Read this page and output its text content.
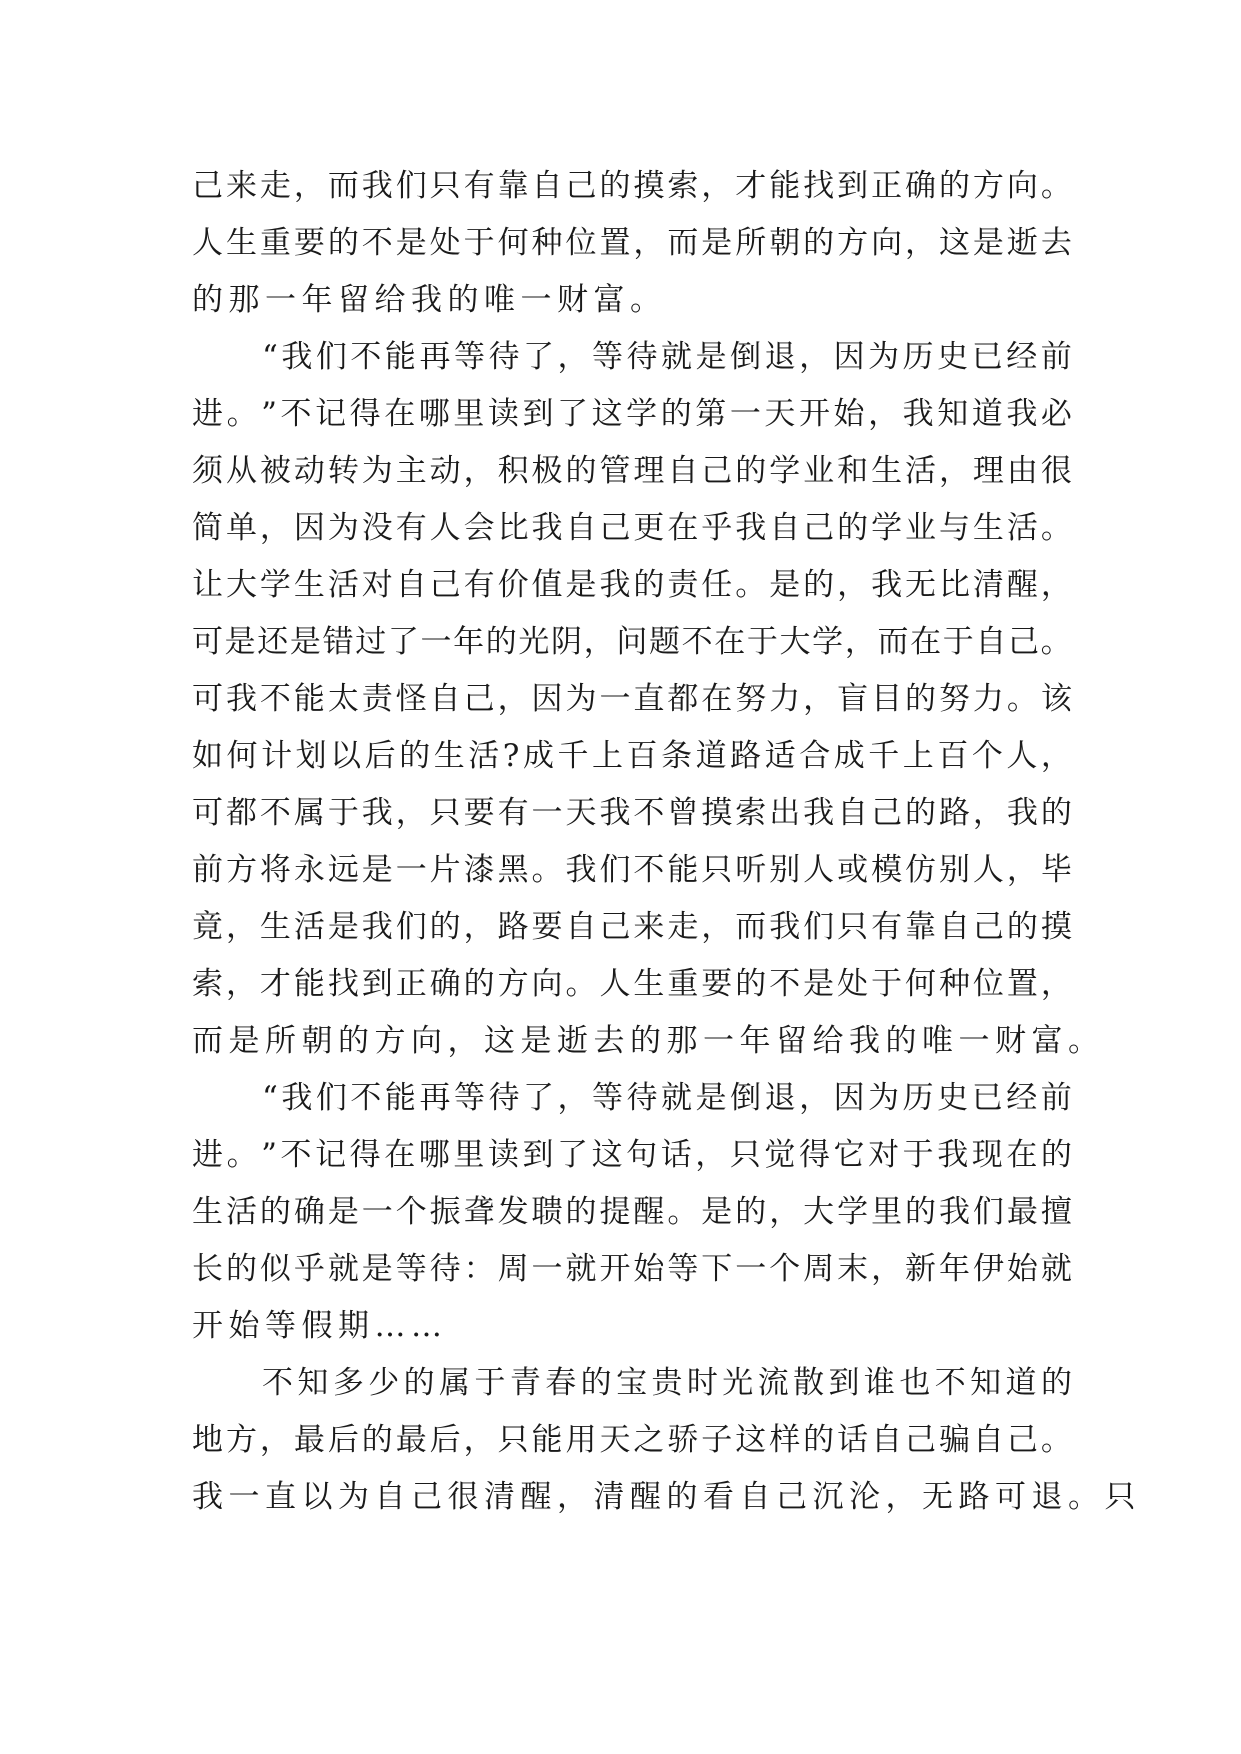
己 来 走 ， 而 我 们 只 有 靠 自 己 的 摸 索 ， 才 能 找 到 正 确 的 方 向 。
人 生 重 要 的 不 是 处 于 何 种 位 置 ， 而 是 所 朝 的 方 向 ， 这 是 逝 去
的那一年留给我的唯一财富。
“ 我 们 不 能 再 等 待 了 ， 等 待 就 是 倒 退 ， 因 为 历 史 已 经 前
进 。 ” 不 记 得 在 哪 里 读 到 了 这 学 的 第 一 天 开 始 ， 我 知 道 我 必
须 从 被 动 转 为 主 动 ， 积 极 的 管 理 自 己 的 学 业 和 生 活 ， 理 由 很
简 单 ， 因 为 没 有 人 会 比 我 自 己 更 在 乎 我 自 己 的 学 业 与 生 活 。
让 大 学 生 活 对 自 己 有 价 值 是 我 的 责 任 。 是 的 ， 我 无 比 清 醒 ，
可 是 还 是 错 过 了 一 年 的 光 阴 ， 问 题 不 在 于 大 学 ， 而 在 于 自 己 。
可 我 不 能 太 责 怪 自 己 ， 因 为 一 直 都 在 努 力 ， 盲 目 的 努 力 。 该
如 何 计 划 以 后 的 生 活 ? 成 千 上 百 条 道 路 适 合 成 千 上 百 个 人 ，
可 都 不 属 于 我 ， 只 要 有 一 天 我 不 曾 摸 索 出 我 自 己 的 路 ， 我 的
前 方 将 永 远 是 一 片 漆 黑 。 我 们 不 能 只 听 别 人 或 模 仿 别 人 ， 毕
竟 ， 生 活 是 我 们 的 ， 路 要 自 己 来 走 ， 而 我 们 只 有 靠 自 己 的 摸
索 ， 才 能 找 到 正 确 的 方 向 。 人 生 重 要 的 不 是 处 于 何 种 位 置 ，
而是所朝的方向，这是逝去的那一年留给我的唯一财富。
“ 我 们 不 能 再 等 待 了 ， 等 待 就 是 倒 退 ， 因 为 历 史 已 经 前
进 。 ” 不 记 得 在 哪 里 读 到 了 这 句 话 ， 只 觉 得 它 对 于 我 现 在 的
生 活 的 确 是 一 个 振 聋 发 聩 的 提 醒 。 是 的 ， 大 学 里 的 我 们 最 擅
长 的 似 乎 就 是 等 待 ： 周 一 就 开 始 等 下 一 个 周 末 ， 新 年 伊 始 就
开始等假期……
不 知 多 少 的 属 于 青 春 的 宝 贵 时 光 流 散 到 谁 也 不 知 道 的
地 方 ， 最 后 的 最 后 ， 只 能 用 天 之 骄 子 这 样 的 话 自 己 骗 自 己 。
我一直以为自己很清醒，清醒的看自己沉沦，无路可退。只
